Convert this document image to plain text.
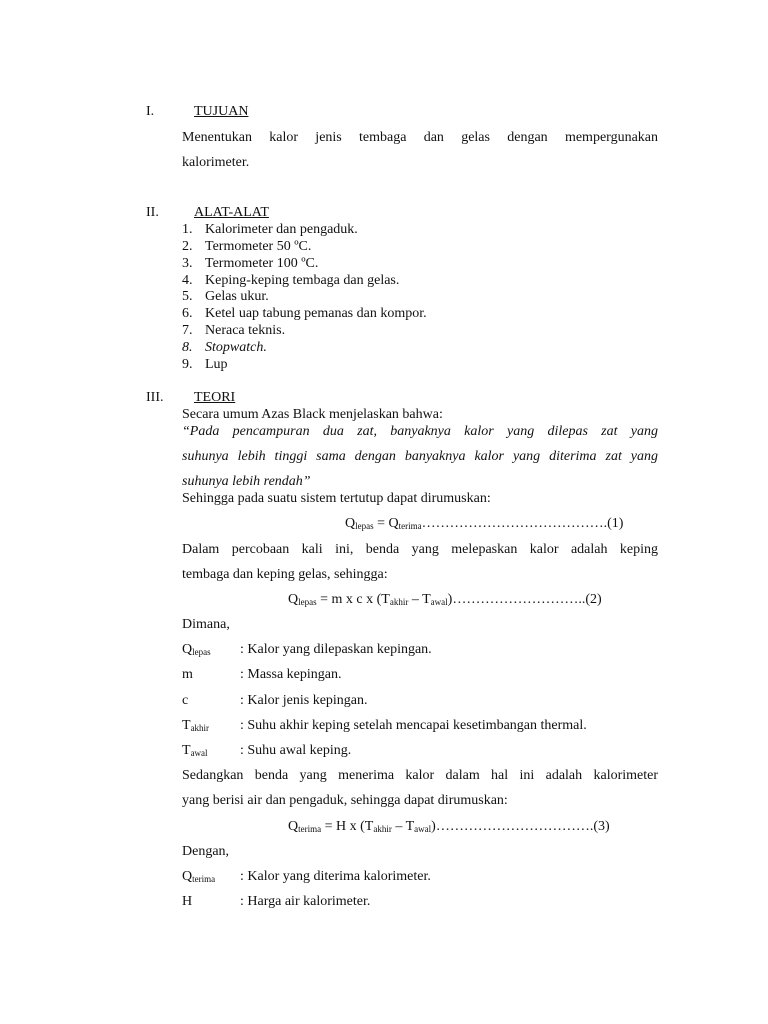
I.	TUJUAN
Menentukan kalor jenis tembaga dan gelas dengan mempergunakan
kalorimeter.
II.	ALAT-ALAT
1. Kalorimeter dan pengaduk.
2. Termometer 50 ºC.
3. Termometer 100 ºC.
4. Keping-keping tembaga dan gelas.
5. Gelas ukur.
6. Ketel uap tabung pemanas dan kompor.
7. Neraca teknis.
8. Stopwatch.
9. Lup
III. TEORI
Secara umum Azas Black menjelaskan bahwa:
“Pada pencampuran dua zat, banyaknya kalor yang dilepas zat yang
suhunya lebih tinggi sama dengan banyaknya kalor yang diterima zat yang
suhunya lebih rendah”
Sehingga pada suatu sistem tertutup dapat dirumuskan:
$Q_{lepas}$ = $Q_{terima}\dots\dots\dots\dots\dots\dots\dots\dots\dots\dots\dots\dots\dots.(1)$
Dalam percobaan kali ini, benda yang melepaskan kalor adalah keping
tembaga dan keping gelas, sehingga:
$Q_{lepas} = m$ x c x ($T_{akhir}$ – $T_{awal})\dots\dots\dots\dots\dots\dots\dots\dots\dots..(2)$
Dimana,
$Q_{lepas}$ : Kalor yang dilepaskan kepingan.
m	: Massa kepingan.
c	: Kalor jenis kepingan.
$T_{akhir}$ : Suhu akhir keping setelah mencapai kesetimbangan thermal.
$T_{awal}$ : Suhu awal keping.
Sedangkan benda yang menerima kalor dalam hal ini adalah kalorimeter
yang berisi air dan pengaduk, sehingga dapat dirumuskan:
$Q_{terima} = H$ x ($T_{akhir}$ – $T_{awal})\dots\dots\dots\dots\dots\dots\dots\dots\dots\dots\dots.(3)$
Dengan,
$Q_{terima}$ : Kalor yang diterima kalorimeter.
H	: Harga air kalorimeter.
